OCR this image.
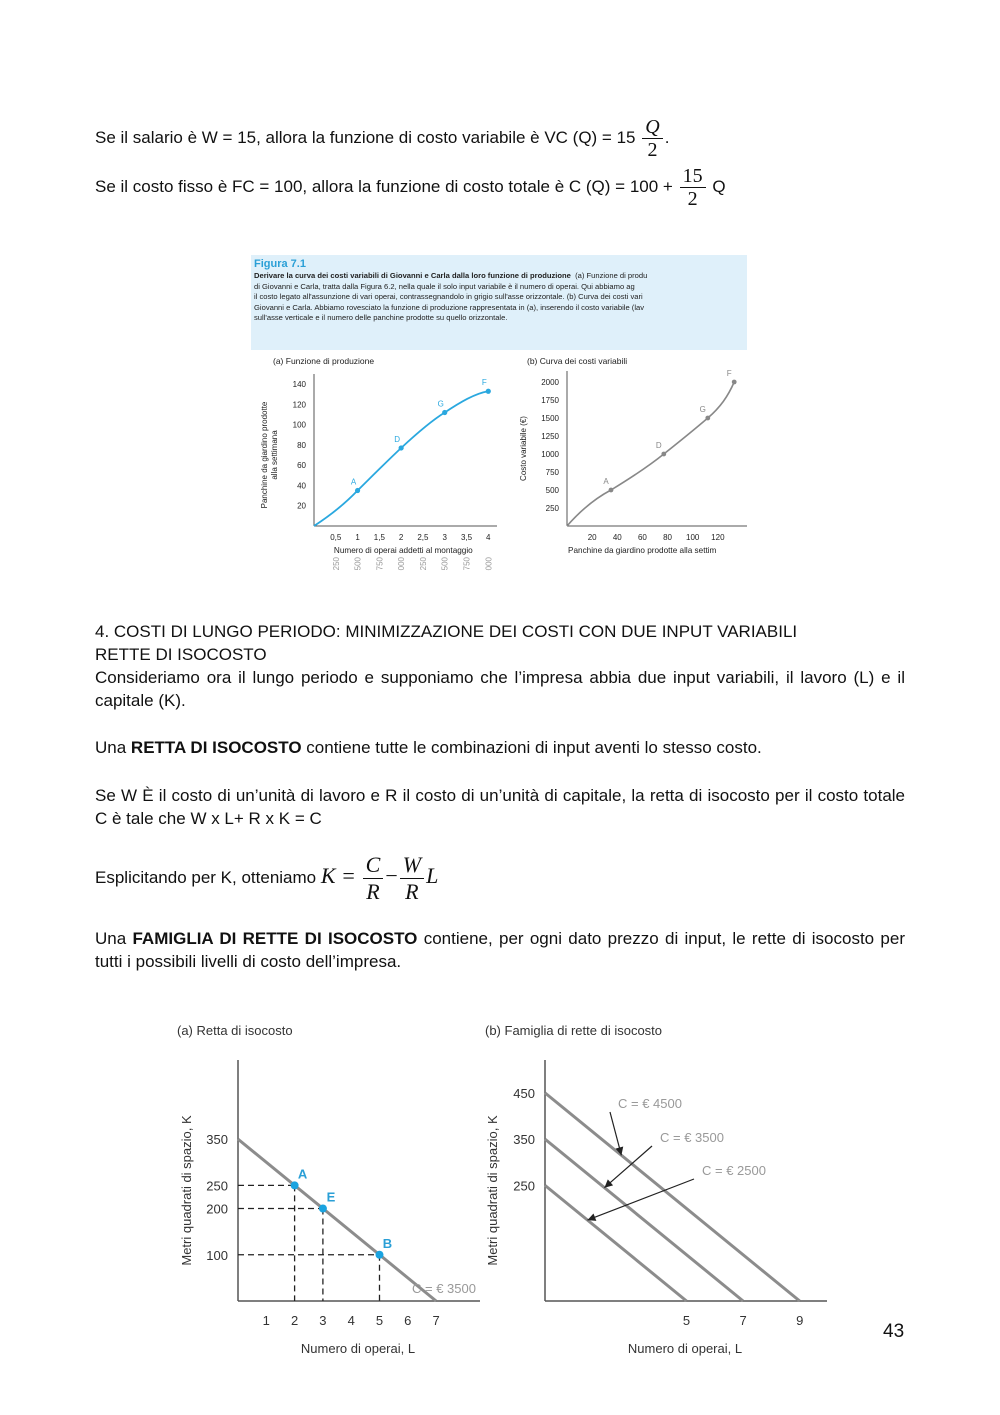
Se il salario è W = 15, allora la funzione di costo variabile è VC $(Q) = 15 \frac{Q}{2}$ .
Se il costo fisso è FC = 100, allora la funzione di costo totale è C $(Q) = 100 + \frac{15}{2}$ Q
Figura 7.1
Derivare la curva dei costi variabili di Giovanni e Carla dalla loro funzione di produzione (a) Funzione di produ
di Giovanni e Carla, tratta dalla Figura 6.2, nella quale il solo input variabile è il numero di operai. Qui abbiamo ag
il costo legato all'assunzione di vari operai, contrassegnandolo in grigio sull'asse orizzontale. (b) Curva dei costi vari
Giovanni e Carla. Abbiamo rovesciato la funzione di produzione rappresentata in (a), inserendo il costo variabile (lav
sull'asse verticale e il numero delle panchine prodotte su quello orizzontale.
(a) Funzione di produzione	(b) Curva dei costi variabili
20
40
60
80
100
120
140
0,5
250
1
500
1,5
750
2
000
2,5
250
3
500
3,5
750
4
000
Numero di operai addetti al montaggio
Panchine da giardino prodotte alla settimana
A
D
G
F
250
500
750
1000
1250
1500
1750
2000
20 40 60 80 100 120
Panchine da giardino prodotte alla settim
Costo variabile (€)
A
D
G
F
4. COSTI DI LUNGO PERIODO: MINIMIZZAZIONE DEI COSTI CON DUE INPUT VARIABILI
RETTE DI ISOCOSTO
Consideriamo ora il lungo periodo e supponiamo che l’impresa abbia due input variabili, il lavoro (L) e il capitale (K).
Una RETTA DI ISOCOSTO contiene tutte le combinazioni di input aventi lo stesso costo.
Se W È il costo di un’unità di lavoro e R il costo di un’unità di capitale, la retta di isocosto per il costo totale C è tale che W x L+ R x K = C
Esplicitando per K, otteniamo $K = \frac{C}{R} - \frac{W}{R}$ L
Una FAMIGLIA DI RETTE DI ISOCOSTO contiene, per ogni dato prezzo di input, le rette di isocosto per tutti i possibili livelli di costo dell’impresa.
(a) Retta di isocosto	(b) Famiglia di rette di isocosto
100
200
250
350
1 2 3 4 5 6 7
Numero di operai, L
Metri quadrati di spazio, K	A
E
B
C = € 3500
250
350
450
5	7	9
Numero di operai, L
Metri quadrati di spazio, K
C = € 4500
C = € 3500
C = € 2500
43
